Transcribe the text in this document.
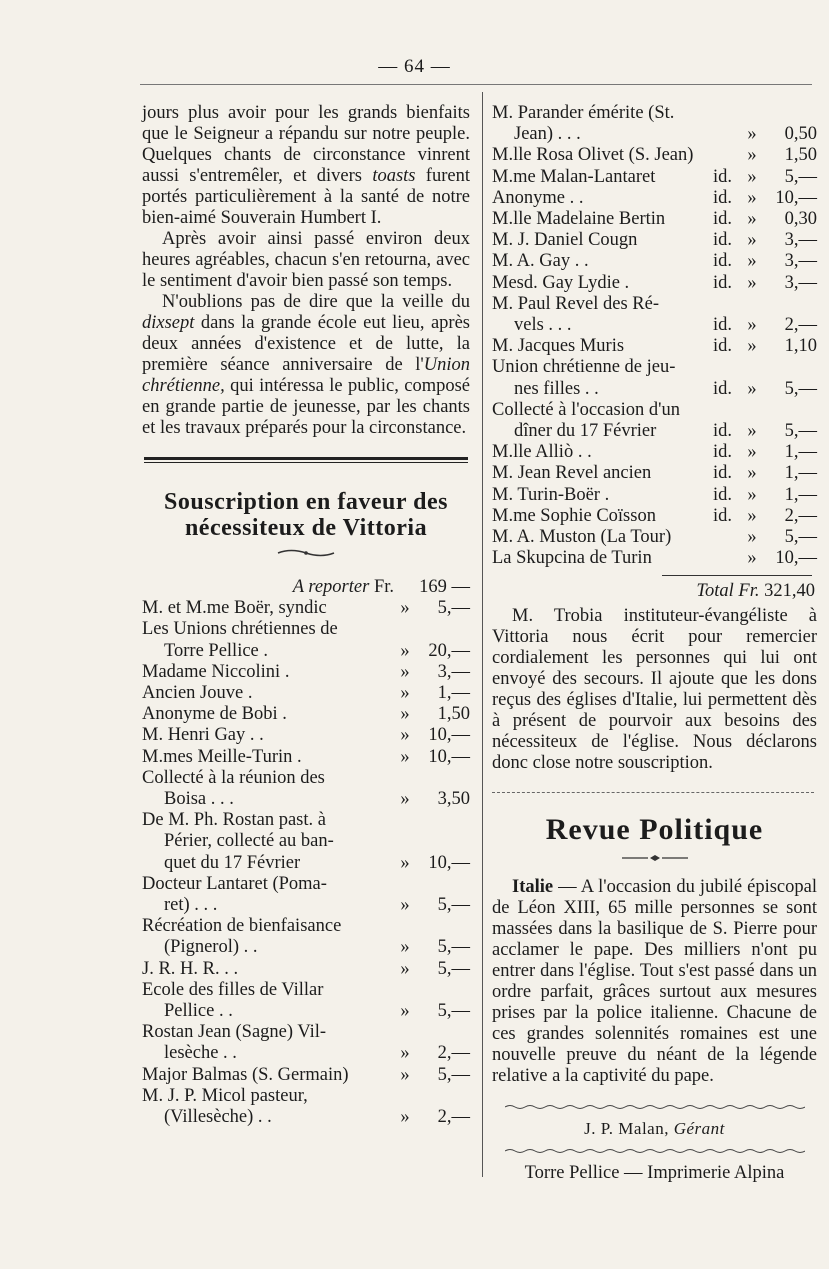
— 64 —

jours plus avoir pour les grands bienfaits que le Seigneur a répandu sur notre peuple. Quelques chants de circonstance vinrent aussi s'entremêler, et divers toasts furent portés particulièrement à la santé de notre bien-aimé Souverain Humbert I.

Après avoir ainsi passé environ deux heures agréables, chacun s'en retourna, avec le sentiment d'avoir bien passé son temps.

N'oublions pas de dire que la veille du dixsept dans la grande école eut lieu, après deux années d'existence et de lutte, la première séance anniversaire de l'Union chrétienne, qui intéressa le public, composé en grande partie de jeunesse, par les chants et les travaux préparés pour la circonstance.

Souscription en faveur des
nécessiteux de Vittoria
A reporter Fr.	169 —
M. et M.me Boër, syndic	»	5,—
Les Unions chrétiennes de
Torre Pellice .	»	20,—
Madame Niccolini .	»	3,—
Ancien Jouve .	»	1,—
Anonyme de Bobi .	»	1,50
M. Henri Gay . .	»	10,—
M.mes Meille-Turin .	»	10,—
Collecté à la réunion des
Boisa . . .	»	3,50
De M. Ph. Rostan past. à
Périer, collecté au ban-
quet du 17 Février	»	10,—
Docteur Lantaret (Poma-
ret) . . .	»	5,—
Récréation de bienfaisance
(Pignerol) . .	»	5,—
J. R. H. R. . .	»	5,—
Ecole des filles de Villar
Pellice . .	»	5,—
Rostan Jean (Sagne) Vil-
lesèche . .	»	2,—
Major Balmas (S. Germain)	»	5,—
M. J. P. Micol pasteur,
(Villesèche) . .	»	2,—
M. Parander émérite (St.
Jean) . . .	»	0,50
M.lle Rosa Olivet (S. Jean)	»	1,50
M.me Malan-Lantaret	id. »	5,—
Anonyme . .	id. »	10,—
M.lle Madelaine Bertin	id. »	0,30
M. J. Daniel Cougn	id. »	3,—
M. A. Gay . .	id. »	3,—
Mesd. Gay Lydie .	id. »	3,—
M. Paul Revel des Ré-
vels . . .	id. »	2,—
M. Jacques Muris	id. »	1,10
Union chrétienne de jeu-
nes filles . .	id. »	5,—
Collecté à l'occasion d'un
dîner du 17 Février	id. »	5,—
M.lle Alliò . .	id. »	1,—
M. Jean Revel ancien	id. »	1,—
M. Turin-Boër .	id. »	1,—
M.me Sophie Coïsson	id. »	2,—
M. A. Muston (La Tour)	»	5,—
La Skupcina de Turin	»	10,—
Total Fr. 321,40

M. Trobia instituteur-évangéliste à Vittoria nous écrit pour remercier cordialement les personnes qui lui ont envoyé des secours. Il ajoute que les dons reçus des églises d'Italie, lui permettent dès à présent de pourvoir aux besoins des nécessiteux de l'église. Nous déclarons donc close notre souscription.

Revue Politique

Italie — A l'occasion du jubilé épiscopal de Léon XIII, 65 mille personnes se sont massées dans la basilique de S. Pierre pour acclamer le pape. Des milliers n'ont pu entrer dans l'église. Tout s'est passé dans un ordre parfait, grâces surtout aux mesures prises par la police italienne. Chacune de ces grandes solennités romaines est une nouvelle preuve du néant de la légende relative a la captivité du pape.

J. P. Malan, Gérant
Torre Pellice — Imprimerie Alpina
